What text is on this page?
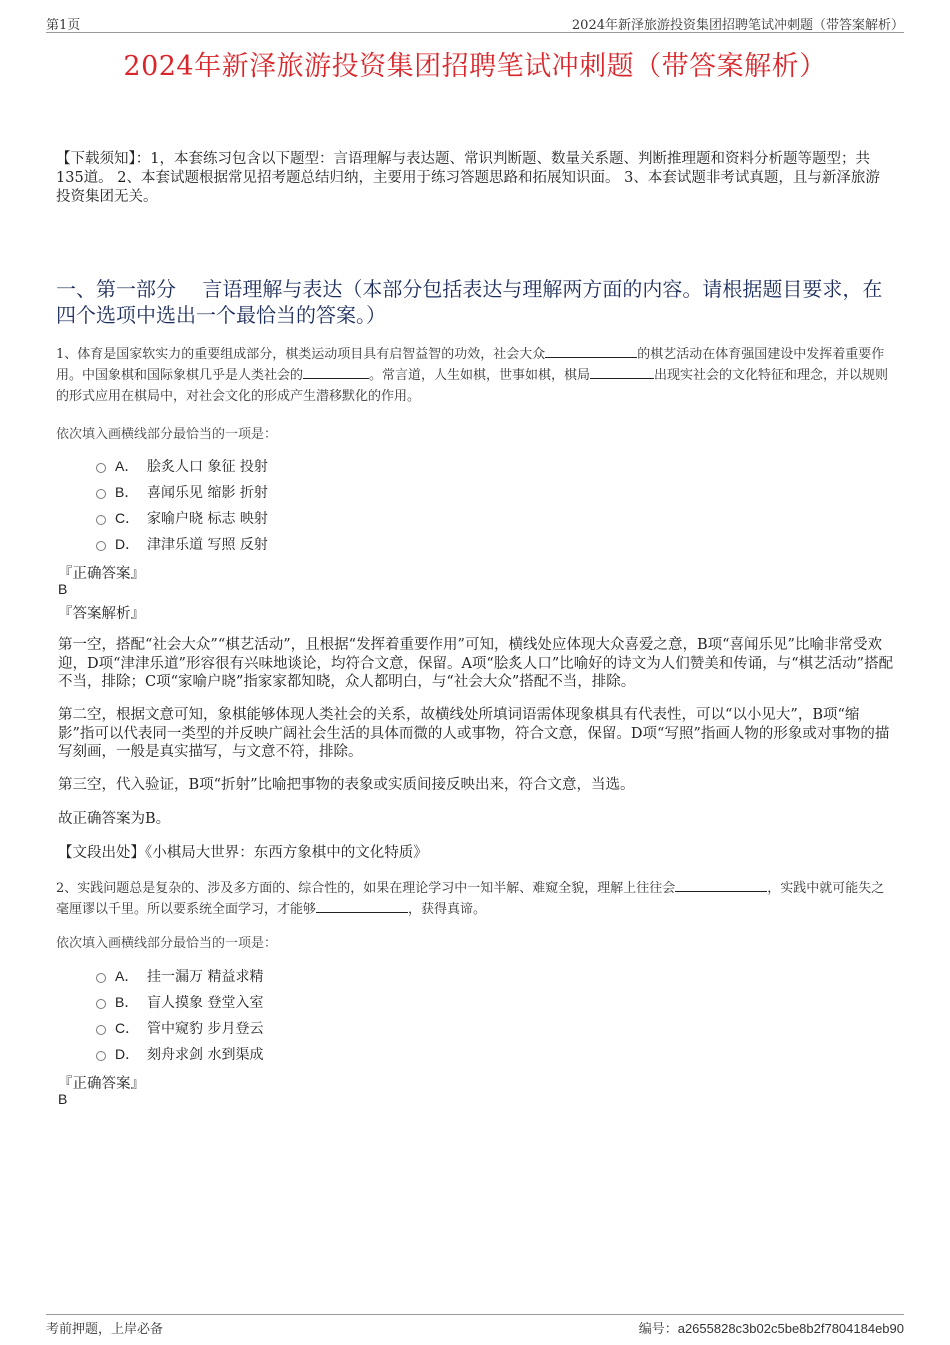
第1页	2024年新泽旅游投资集团招聘笔试冲刺题（带答案解析）
2024年新泽旅游投资集团招聘笔试冲刺题（带答案解析）
【下载须知】：1，本套练习包含以下题型：言语理解与表达题、常识判断题、数量关系题、判断推理题和资料分析题等题型；共135道。 2、本套试题根据常见招考题总结归纳，主要用于练习答题思路和拓展知识面。 3、本套试题非考试真题，且与新泽旅游投资集团无关。
一、第一部分　 言语理解与表达（本部分包括表达与理解两方面的内容。请根据题目要求，在四个选项中选出一个最恰当的答案。）
1、体育是国家软实力的重要组成部分，棋类运动项目具有启智益智的功效，社会大众	的棋艺活动在体育强国建设中发挥着重要作用。中国象棋和国际象棋几乎是人类社会的	。常言道，人生如棋，世事如棋，棋局	出现实社会的文化特征和理念，并以规则的形式应用在棋局中，对社会文化的形成产生潜移默化的作用。
依次填入画横线部分最恰当的一项是：
A． 脍炙人口 象征 投射
B． 喜闻乐见 缩影 折射
C． 家喻户晓 标志 映射
D． 津津乐道 写照 反射
『正确答案』
B
『答案解析』
第一空，搭配“社会大众”“棋艺活动”，且根据“发挥着重要作用”可知，横线处应体现大众喜爱之意，B项“喜闻乐见”比喻非常受欢迎，D项“津津乐道”形容很有兴味地谈论，均符合文意，保留。A项“脍炙人口”比喻好的诗文为人们赞美和传诵，与“棋艺活动”搭配不当，排除；C项“家喻户晓”指家家都知晓，众人都明白，与“社会大众”搭配不当，排除。
第二空，根据文意可知，象棋能够体现人类社会的关系，故横线处所填词语需体现象棋具有代表性，可以“以小见大”，B项“缩影”指可以代表同一类型的并反映广阔社会生活的具体而微的人或事物，符合文意，保留。D项“写照”指画人物的形象或对事物的描写刻画，一般是真实描写，与文意不符，排除。
第三空，代入验证，B项“折射”比喻把事物的表象或实质间接反映出来，符合文意，当选。
故正确答案为B。
【文段出处】《小棋局大世界：东西方象棋中的文化特质》
2、实践问题总是复杂的、涉及多方面的、综合性的，如果在理论学习中一知半解、难窥全貌，理解上往往会	，实践中就可能失之毫厘谬以千里。所以要系统全面学习，才能够	，获得真谛。
依次填入画横线部分最恰当的一项是：
A． 挂一漏万 精益求精
B． 盲人摸象 登堂入室
C． 管中窥豹 步月登云
D． 刻舟求剑 水到渠成
『正确答案』
B
考前押题，上岸必备	编号：a2655828c3b02c5be8b2f7804184eb90
